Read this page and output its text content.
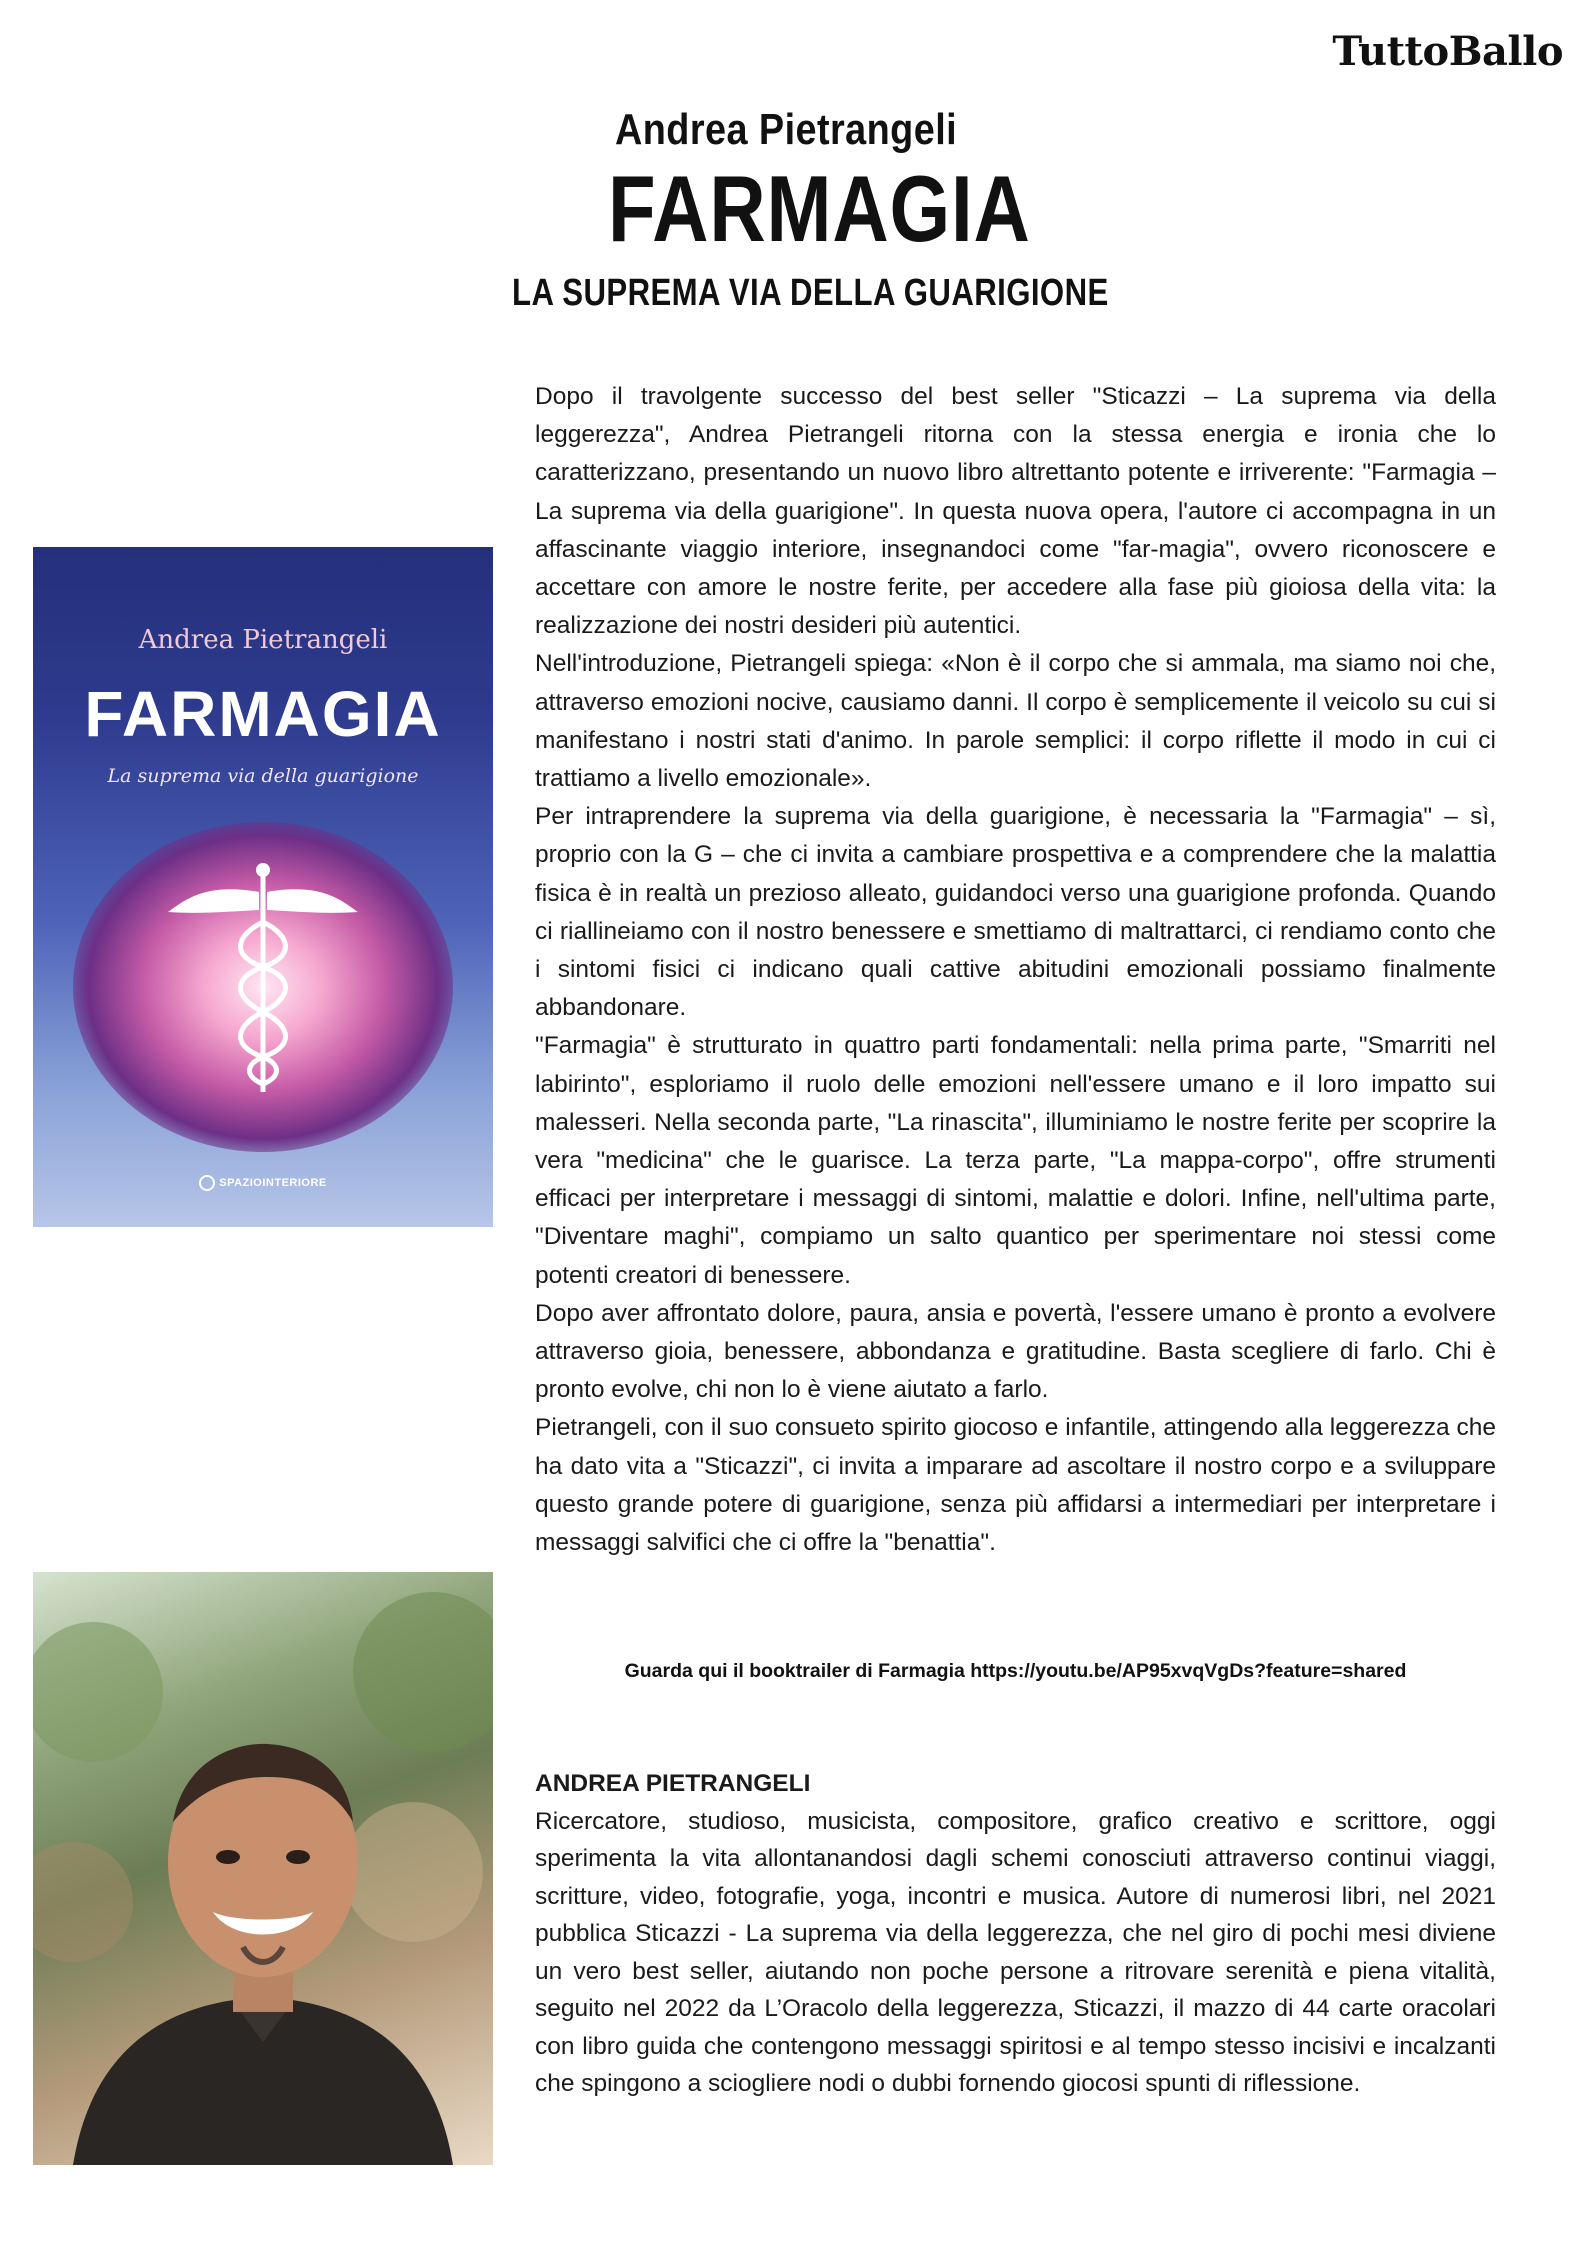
TuttoBallo
Andrea Pietrangeli
FARMAGIA
LA SUPREMA VIA DELLA GUARIGIONE
Andrea Pietrangeli
FARMAGIA
La suprema via della guarigione
SPAZIOINTERIORE

Dopo il travolgente successo del best seller "Sticazzi – La suprema via della leggerezza", Andrea Pietrangeli ritorna con la stessa energia e ironia che lo caratterizzano, presentando un nuovo libro altrettanto potente e irriverente: "Farmagia – La suprema via della guarigione". In questa nuova opera, l'autore ci accompagna in un affascinante viaggio interiore, insegnandoci come "far-magia", ovvero riconoscere e accettare con amore le nostre ferite, per accedere alla fase più gioiosa della vita: la realizzazione dei nostri desideri più autentici.

Nell'introduzione, Pietrangeli spiega: «Non è il corpo che si ammala, ma siamo noi che, attraverso emozioni nocive, causiamo danni. Il corpo è semplicemente il veicolo su cui si manifestano i nostri stati d'animo. In parole semplici: il corpo riflette il modo in cui ci trattiamo a livello emozionale».

Per intraprendere la suprema via della guarigione, è necessaria la "Farmagia" – sì, proprio con la G – che ci invita a cambiare prospettiva e a comprendere che la malattia fisica è in realtà un prezioso alleato, guidandoci verso una guarigione profonda. Quando ci riallineiamo con il nostro benessere e smettiamo di maltrattarci, ci rendiamo conto che i sintomi fisici ci indicano quali cattive abitudini emozionali possiamo finalmente abbandonare.

"Farmagia" è strutturato in quattro parti fondamentali: nella prima parte, "Smarriti nel labirinto", esploriamo il ruolo delle emozioni nell'essere umano e il loro impatto sui malesseri. Nella seconda parte, "La rinascita", illuminiamo le nostre ferite per scoprire la vera "medicina" che le guarisce. La terza parte, "La mappa-corpo", offre strumenti efficaci per interpretare i messaggi di sintomi, malattie e dolori. Infine, nell'ultima parte, "Diventare maghi", compiamo un salto quantico per sperimentare noi stessi come potenti creatori di benessere.

Dopo aver affrontato dolore, paura, ansia e povertà, l'essere umano è pronto a evolvere attraverso gioia, benessere, abbondanza e gratitudine. Basta scegliere di farlo. Chi è pronto evolve, chi non lo è viene aiutato a farlo.

Pietrangeli, con il suo consueto spirito giocoso e infantile, attingendo alla leggerezza che ha dato vita a "Sticazzi", ci invita a imparare ad ascoltare il nostro corpo e a sviluppare questo grande potere di guarigione, senza più affidarsi a intermediari per interpretare i messaggi salvifici che ci offre la "benattia".

Guarda qui il booktrailer di Farmagia https://youtu.be/AP95xvqVgDs?feature=shared
ANDREA PIETRANGELI

Ricercatore, studioso, musicista, compositore, grafico creativo e scrittore, oggi sperimenta la vita allontanandosi dagli schemi conosciuti attraverso continui viaggi, scritture, video, fotografie, yoga, incontri e musica. Autore di numerosi libri, nel 2021 pubblica Sticazzi - La suprema via della leggerezza, che nel giro di pochi mesi diviene un vero best seller, aiutando non poche persone a ritrovare serenità e piena vitalità, seguito nel 2022 da L’Oracolo della leggerezza, Sticazzi, il mazzo di 44 carte oracolari con libro guida che contengono messaggi spiritosi e al tempo stesso incisivi e incalzanti che spingono a sciogliere nodi o dubbi fornendo giocosi spunti di riflessione.
